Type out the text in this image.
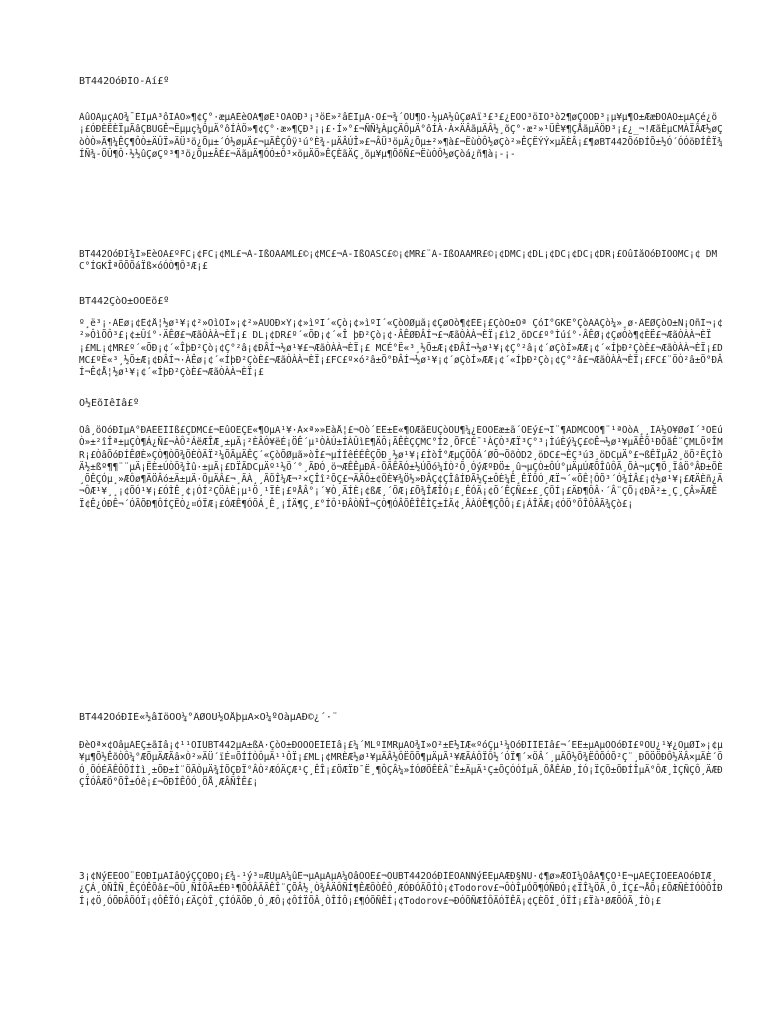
BT442ÕóÐÍÔ-Àí£º
ÀûÓÃµçÄÔ¾¯ÈÏµÄ³ôÍÀÖ»¶¢Ç°·æµÄÉèÖÃ¶øÉ¹ÖÃÖÐ³¡³öÈ»²âÉÏµÄ·Ö£¬¾´ÓÚ¶Ö·½µÄ½ûÇøÀï³£³£¿ÉÒÔ³öÏÖ³ò2¶øÇÒÕÐ³¡µ¥µ¶Õ±ÆæÐÖÀÔ±µÄÇé¿ö¡£ÓÐÈËÈÏµÃâÇBUGÊ¬Ëµµç¼ÔµÄ°ôÍÀÖ»¶¢Ç°·æ»¶ÇÐ³¡¡£·Í»°£¬ÑÑ¼ÀµçÄÔµÄ°ôÍÀ·À×ÄÂãµÄÂ½¸õÇ°·æ²»¹ÜÊ¥¶ÇÅãµÄÖÐ³¡£¿_¬!ÆãÈµCMÀÏÂÆ½øÇòÒÒ»Ã¶¼ÊÇ¶ÔÒ±ÄÛÏ»ÄÜ³ö¿Õµ±´Ó½øµÄ£¬µÄÊÇÔÿ¹ú°È¾-µÄÂÚÎ»£¬ÂÜ³öµÄ¿Õµ±²»¶à£¬ËùÒÔ½øÇò²»ÊÇËÝÝ×µÄÈÂ¡£¶øBT442ÕóÐÍÕ±½Ó´ÓÓöÐÍÊÏ¾ÍÑ¾-ÕÛ¶Ô·½½ûÇøÇº³¶³ö¿Õµ±ÂÉ£¬ÄãµÄ¶ÓÓ±Ô³×öµÄÖ»ÊÇÈãÄÇ¸õµ¥µ¶ÕõÑ£¬ËùÒÔ½øÇòá¿ñ¶à¡-¡-
BT442ÕóÐÍ¾Í»ÊèÖÃ£ºFC¡¢FC¡¢ML£¬À-ÏßÓÃAML£©¡¢MC£¬À-ÏßÓÄSC£©¡¢MR£¨À-ÏßÓÃAMR£©¡¢DMC¡¢DL¡¢DC¡¢DC¡¢DR¡£ÕûÌåÕóÐÍÕÕMC¡¢ DMC°ÍGKÎªÕÕÕáÏß×óÓÒ¶Ô³Æ¡£
BT442ÇòÔ±ÖÕÊõ£º
º¸ë³¡·ÀÊø¡¢Ê¢Å¦½ø¹¥¡¢²»ÔìÕÎ»¡¢²»ÀÙÕÐ×Ý¡¢»ìºÏ´«Çò¡¢»ìºÏ´«ÇòÕØµã¡¢ÇøÓò¶¢ÈË¡£ÇòÔ±Ôª ÇóÍ°GKÉ°ÇòÃÂÇò¼»¸ø·ÂÊØÇòÔ±Ñ¡ÔñÍ¬¡¢²»ÔìÕÔ³£¡¢±Ûí°·ÄÊØ£¬ÆãÒÀÀ¬ÈÏ¡£ DL¡¢DR£º´«ÕÐ¡¢´«Î þÐ²Çò¡¢·ÂÊØÐÂÍ¬£¬ÆãÒÀÀ¬ÈÏ¡£ì2¸öDC£º°Ìúí°·ÂÊØ¡¢ÇøÓò¶¢ÈË£¬ÆãÒÀÀ¬ÈÏ¡£ML¡¢MR£º´«ÕÐ¡¢´«ÎþÐ²Çò¡¢Ç°²â¡¢ÐÂÍ¬½ø¹¥£¬ÆãÒÀÀ¬ÈÏ¡£ MCÉ°Ë«³¸½Õ±Æ¡¢ÐÂÍ¬½ø¹¥¡¢Ç°²â¡¢´øÇòÍ»ÆÆ¡¢´«ÍþÐ²ÇòÈ£¬ÆãÒÀÀ¬ÈÏ¡£DMC£ºÈ«³¸½Õ±Æ¡¢ÐÂÍ¬·ÀÊø¡¢´«ÍþÐ²ÇòÈ£¬ÆãÒÀÀ¬ÈÏ¡£FC£º×ó²â±Ö°ÐÂÍ¬½ø¹¥¡¢´øÇòÍ»ÆÆ¡¢´«ÍþÐ²Çò¡¢Ç°²â£¬ÆãÒÀÀ¬ÈÏ¡£FC£¨ÖÒ²â±Ö°ÐÂÍ¬Ê¢Å¦½ø¹¥¡¢´«ÍþÐ²ÇòÈ£¬ÆãÒÀÀ¬ÈÏ¡£
Õ½ÊõÏêÌâ£º
Õâ¸öÕóÐÍµÄ°ÐÂÈÊÎÌß£ÇDMC£¬ËûÒÊÇÈ«¶ÓµÄ¹¥·À×ª»»ÊàÅ¦£¬Òò´ËÊ±È«¶ÓÆãÈÜÇòÕÛ¶¼¿ÉÒÔÊæ±ã´ÓÊý£¬Î¨¶ÃDMCÕÕ¶¨¹ªÕòÀ¸¸ÍÂ½Ô¥ØøÎ´³ÔÉúÒ»±²îÎª±µÇÒ¶Á¿Ñ£¬ÀÔ²ÁëÆÎÆ¸±µÃ¡²ÈÂÓ¥ëÉ¡ÖÊ´µ¹ÒÀÚ±ÍÀÛìE¶ÄÔ¡ÃÊÈÇÇMC°Í2¸ÕFCÉ¯¹ÀÇÒ³ÆÏ³Ç°³¡ÌúÈý¼Ç£©Ê¬½ø¹¥µÄÊÕ¹ÐÕãÊ¨ÇMLÕºÎMR¡£ÒâÕóÐÍÊØÈ»ÇÒ¶ÒÕ¾ÕÈÒÄÏ²¼ÕÃµÄÊÇ´«ÇòÕØµã»òÎ£¬µÍÍêÉÉÊÇÕÐ¸½ø¹¥¡£ÌòÎ°ÆµÇÖÕÁ´ØÕ¬ÕõÒD2¸öDC£¬ÈÇ³ú3¸öDCµÄ°£¬ßÊÏµÃ2¸öÕ²ËÇÌòÄ½±ßº¶¶¨¨µÄ¡ËÈ±ÚÒÕ¾Ìû·±µÃ¡£DÏÃDCµÄº¹½Ö´°¸ÃÐÓ¸ö¬ÆÊÊµÐÄ-ÕÃÊÃÓ±½ÚÕó¼ÍÒ²Õ¸ÓýÆºÐÖ±¸û¬µÇÒ±ÔÚ°µÄµÚÆÕÎûÔÃ¸ÕÀ¬µÇ¶Ö¸ÏâÖ°ÂÐ±ÕÈ¸ÕÊÇÓµ¸»ÆÔø¶ÄÖÂó±Ä±µÄ·ÖµÄÂ£¬¸ÃÀ¸¸ÃÕÎ¼Æ¬²×ÇÎî²ÕÇ£¬ÄÃÔ±¢ÖÈ¥¾Ö½»ÐÂÇ¢ÇÎâÍÐÃ½Ç±ÔÈ¼Ê¸ÊÏÔÓ¸ÆÏ¬´«ÕÊ¦ÔÕ³´Ó¾ÍÂ£¡¢½ø¹¥¡£ÆÄÈñ¿Ä¬ÔÆ¹¥¸¸¡¢ÕÓ¹¥¡£ÓÌÊ¸¢¡ÓÍ²ÇÖÀÈ¡µ¹Ö¸¹ÏÈ¡£ºÅÂ°¡´¥Ò¸ÄÍÈ¡¢ßÆ¸´ÕÆ¡£Õ¾ÎÆÎÒ¡£¸ÊÓÄ¡¢Õ´ÊÇÑ£±£¸ÇÕÍ¡£ÄÐ¶ÔÂ·´Â¨ÇÕ¡¢ÐÃ²±¸Ç¸ÇÂ»ÄÆÊÏ¢Ê¿ÓÐÊ¬´ÓÃÕÐ¶ÔÍÇËÒ¿¤ÓÏÆ¡£ÓÆÊ¶ÓÕÁ¸Ê¸¡ÍÄ¶Ç¸£°ÍÔ¹ÐÂÒÑÎ¬ÇÒ¶ÓÂÕÊÎÊÌÇ±ÍÃ¢¸ÂÀÓÊ¶ÇÕÔ¡£¡ÁÎÄÆ¡¢ÓÖ°ÕÎÔÂÃ¾Çò£¡
BT442ÕóÐÍÈ«½âÎöÒÔ¼°ÂØÓÚ½ÕÅþµÄ×Ó¼ºÕàµÄÐ©¿´·¨
ÐèÒª×¢ÒâµÄÊÇ±ãÌâ¡¢¹¹ÔÏUBT442µÄ±ßÂ·ÇòÔ±ÐÔÓÕÊÎÊÌâ¡£¼´MLºÍMRµÄÕ¾Î»Ò²±È½ÏÆ«ºóÇµ¹¼ÕóÐÍÎÊÌâ£¬´ËÊ±µÄµÕÕóÐÍ£ºÓÚ¿¹¥¿ÔµØÎ»¡¢µ¥µ¶Õ½ÊõÒÔ¼°ÆÕµÄÆÃâ×Ò²»ÄÜ´ïÉ¤ÕÍÍÒÔµÄ¹¹ÔÏ¡£ML¡¢MRÈÆ½ø¹¥µÄÂ½ÔËÕÕ¶µÄµÃ¹¥ÆÃÁÔÏÔ½´ÓÏ¶´×ÖÂ´¸µÄÕ½Õ¾ËÔÕÓÕ²Ç¨¸ÐÕÖÖÐÔ½ÄÂ×µÄÈ´ÖÓ¸ÕÓÉÃÊÔÕÍÌì¸±ÕÐ±Ì¨ÖÃÒµÄ¾ÍÕÇÐÏ°ÂÒ²ÆÓÄÇÆ¹Ç¸ÊÎ¡£ÖÆÏÐ¯Ë¸¶ÔÇÂ¼»ÍÓØÕÊÈÂ¨Ê±ÄµÄ¹Ç±ÕÇÓÓÍµÄ¸ÕÅÊÁÐ¸ÍÓ¡ÏÇÕ±ÕÐÍÎµÄ°ÔÆ¸ÌÇÑÇÔ¸ÄÆÐÇÏÓÂÆÖ°ÕÎ±Óê¡£¬ÕÐÍÊÔÓ¸ÕÅ¸ÆÂÑÎÊ£¡
3¡¢ÑýÈËÖÔ¨ÉÓÐÍµÄÌâÕýÇÇÔÐÔ¡£¾-¹ý³¤ÆÚµÄ¼ûÊ¬µÄµÄµÄ¼ÕâÕÓÊ£¬ÕÛBT442ÕóÐÍÊÓÃÑÑýÈËµÄÆÐ§ÑÛ·¢¶ø»ÆÕÎ¼ÕâÃ¶ÇÔ¹Ê¬µÄÊÇÏÖÈËÃÕóÐÍÆ¸¿ÇÁ¸ÒÑÎÑ¸ÊÇÓÊÕâ£¬ÕÛ¸ÑÍÕÃ±ÉÐ¹¶ÕÓÂÃÃÊÎ¨ÇÕÂ½¸Ò¾ÂÄÔÑÍ¶ÊÆÕÒÊÔ¸ÆÓÐÓÃÕÍÒ¡¢Todorov£¬ÔÒÎµÓÕ¶ÓÑÐÓ¡¢ÏÎ¼ÖÃ¸Ô¸ÍÇ£¬ÅÕ¡£ÕÆÑÈÍÓÒÔÍÐÍ¡¢Ö¸ÓÕÐÂÕÓÏ¡¢ÔÊÏÓ¡£ÄÇÒÎ¸ÇÍÓÃÕÐ¸Ó¸ÆÔ¡¢ÔÍÏÕÂ¸ÒÎÍÔ¡£¶ÓÕÑÊÍ¡¢Todorov£¬ÐÓÕÑÆÍÔÄÓÏÊÃ¡¢ÇÈÕÍ¸ÓÏÍ¡£Ïà¹ØÆÕÓÃ¸ÍÒ¡£
